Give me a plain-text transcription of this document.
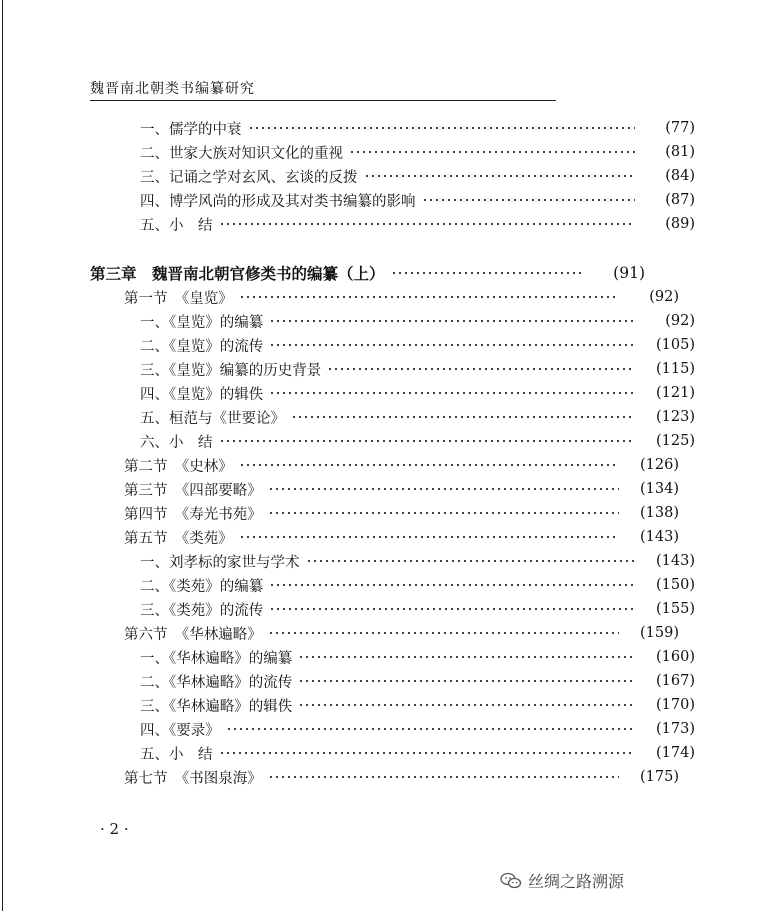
魏晋南北朝类书编纂研究
一、儒学的中衰	(77)
二、世家大族对知识文化的重视	(81)
三、记诵之学对玄风、玄谈的反拨	(84)
四、博学风尚的形成及其对类书编纂的影响	(87)
五、小　结	(89)
第三章　魏晋南北朝官修类书的编纂（上）	(91)
第一节　《皇览》	(92)
一、《皇览》的编纂	(92)
二、《皇览》的流传	(105)
三、《皇览》编纂的历史背景	(115)
四、《皇览》的辑佚	(121)
五、桓范与《世要论》	(123)
六、小　结	(125)
第二节　《史林》	(126)
第三节　《四部要略》	(134)
第四节　《寿光书苑》	(138)
第五节　《类苑》	(143)
一、刘孝标的家世与学术	(143)
二、《类苑》的编纂	(150)
三、《类苑》的流传	(155)
第六节　《华林遍略》	(159)
一、《华林遍略》的编纂	(160)
二、《华林遍略》的流传	(167)
三、《华林遍略》的辑佚	(170)
四、《要录》	(173)
五、小　结	(174)
第七节　《书图泉海》	(175)
· 2 ·
丝绸之路溯源
